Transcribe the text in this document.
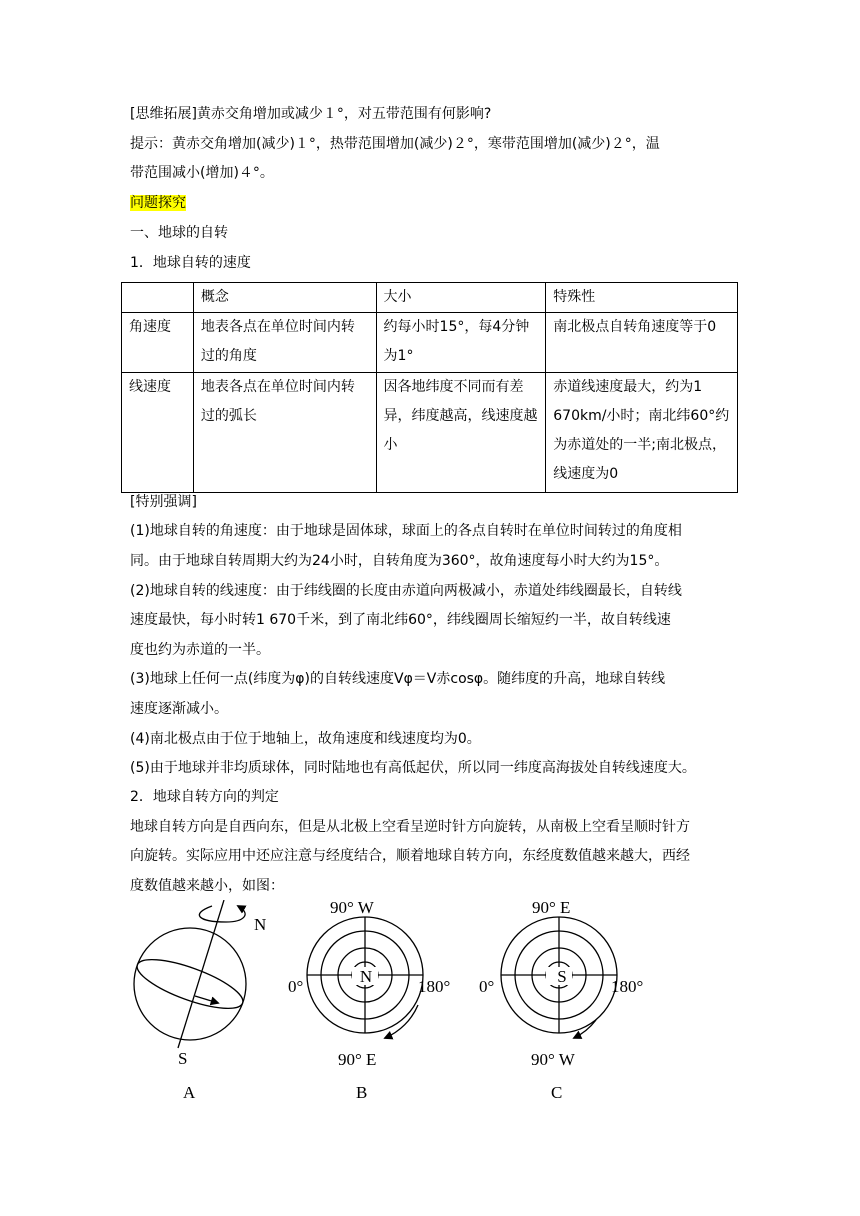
[思维拓展]黄赤交角增加或减少１°，对五带范围有何影响?
提示：黄赤交角增加(减少)１°，热带范围增加(减少)２°，寒带范围增加(减少)２°，温
带范围减小(增加)４°。
问题探究
一、地球的自转
1．地球自转的速度
	概念	大小	特殊性
角速度	地表各点在单位时间内转过的角度	约每小时15°，每4分钟为1°	南北极点自转角速度等于0
线速度	地表各点在单位时间内转过的弧长	因各地纬度不同而有差异，纬度越高，线速度越小	赤道线速度最大，约为1 670km/小时；南北纬60°约为赤道处的一半;南北极点，线速度为0
[特别强调]
(1)地球自转的角速度：由于地球是固体球，球面上的各点自转时在单位时间转过的角度相
同。由于地球自转周期大约为24小时，自转角度为360°，故角速度每小时大约为15°。
(2)地球自转的线速度：由于纬线圈的长度由赤道向两极减小，赤道处纬线圈最长，自转线
速度最快，每小时转1 670千米，到了南北纬60°，纬线圈周长缩短约一半，故自转线速
度也约为赤道的一半。
(3)地球上任何一点(纬度为φ)的自转线速度Vφ＝V赤cosφ。随纬度的升高，地球自转线
速度逐渐减小。
(4)南北极点由于位于地轴上，故角速度和线速度均为0。
(5)由于地球并非均质球体，同时陆地也有高低起伏，所以同一纬度高海拔处自转线速度大。
2．地球自转方向的判定
地球自转方向是自西向东，但是从北极上空看呈逆时针方向旋转，从南极上空看呈顺时针方
向旋转。实际应用中还应注意与经度结合，顺着地球自转方向，东经度数值越来越大，西经
度数值越来越小，如图：
N
S
A
90° W
0°	180°
N
90° E
B
90° E
0°	180°
S
90° W
C
